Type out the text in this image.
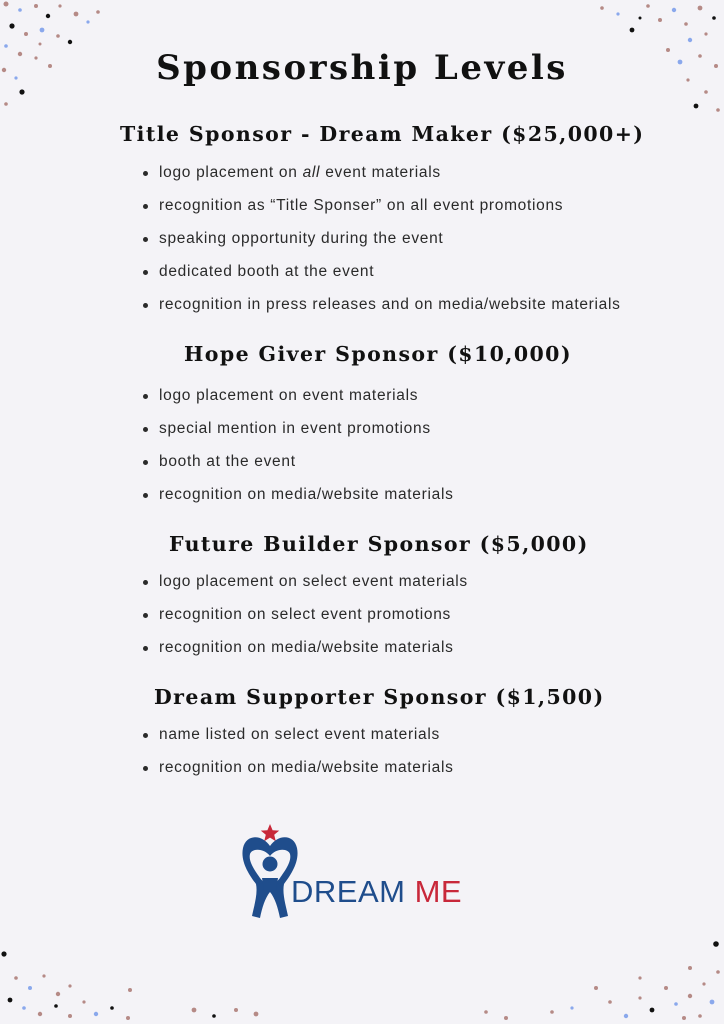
Sponsorship Levels
Title Sponsor - Dream Maker ($25,000+)
logo placement on all event materials
recognition as “Title Sponser” on all event promotions
speaking opportunity during the event
dedicated booth at the event
recognition in press releases and on media/website materials
Hope Giver Sponsor ($10,000)
logo placement on event materials
special mention in event promotions
booth at the event
recognition on media/website materials
Future Builder Sponsor ($5,000)
logo placement on select event materials
recognition on select event promotions
recognition on media/website materials
Dream Supporter Sponsor ($1,500)
name listed on select event materials
recognition on media/website materials
DREAM ME
